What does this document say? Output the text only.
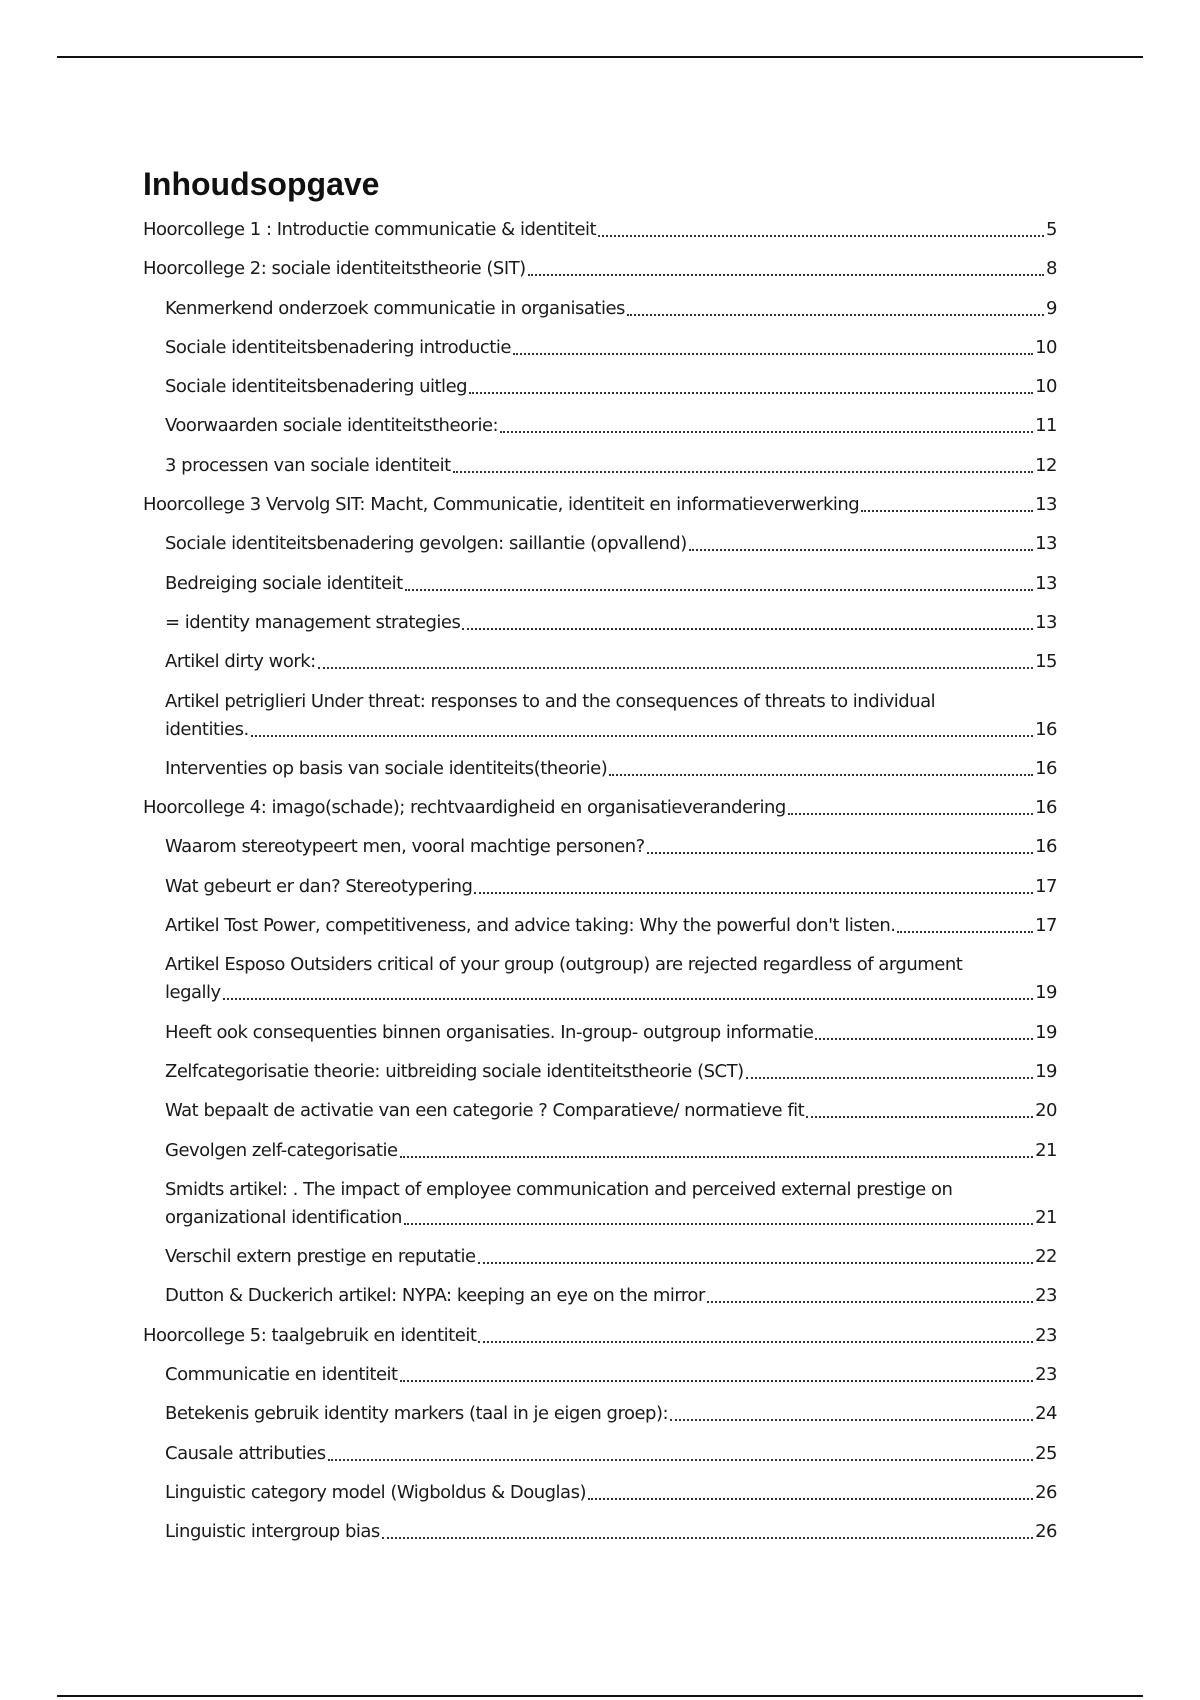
Inhoudsopgave
Hoorcollege 1 : Introductie communicatie & identiteit	5
Hoorcollege 2: sociale identiteitstheorie (SIT)	8
Kenmerkend onderzoek communicatie in organisaties	9
Sociale identiteitsbenadering introductie	10
Sociale identiteitsbenadering uitleg	10
Voorwaarden sociale identiteitstheorie:	11
3 processen van sociale identiteit	12
Hoorcollege 3 Vervolg SIT: Macht, Communicatie, identiteit en informatieverwerking	13
Sociale identiteitsbenadering gevolgen: saillantie (opvallend)	13
Bedreiging sociale identiteit	13
= identity management strategies	13
Artikel dirty work:	15
Artikel petriglieri Under threat: responses to and the consequences of threats to individual
identities.	16
Interventies op basis van sociale identiteits(theorie)	16
Hoorcollege 4: imago(schade); rechtvaardigheid en organisatieverandering	16
Waarom stereotypeert men, vooral machtige personen?	16
Wat gebeurt er dan? Stereotypering	17
Artikel Tost Power, competitiveness, and advice taking: Why the powerful don't listen.	17
Artikel Esposo Outsiders critical of your group (outgroup) are rejected regardless of argument
legally	19
Heeft ook consequenties binnen organisaties. In-group- outgroup informatie	19
Zelfcategorisatie theorie: uitbreiding sociale identiteitstheorie (SCT)	19
Wat bepaalt de activatie van een categorie ? Comparatieve/ normatieve fit	20
Gevolgen zelf-categorisatie	21
Smidts artikel: . The impact of employee communication and perceived external prestige on
organizational identification	21
Verschil extern prestige en reputatie	22
Dutton & Duckerich artikel: NYPA: keeping an eye on the mirror	23
Hoorcollege 5: taalgebruik en identiteit	23
Communicatie en identiteit	23
Betekenis gebruik identity markers (taal in je eigen groep):	24
Causale attributies	25
Linguistic category model (Wigboldus & Douglas)	26
Linguistic intergroup bias	26
